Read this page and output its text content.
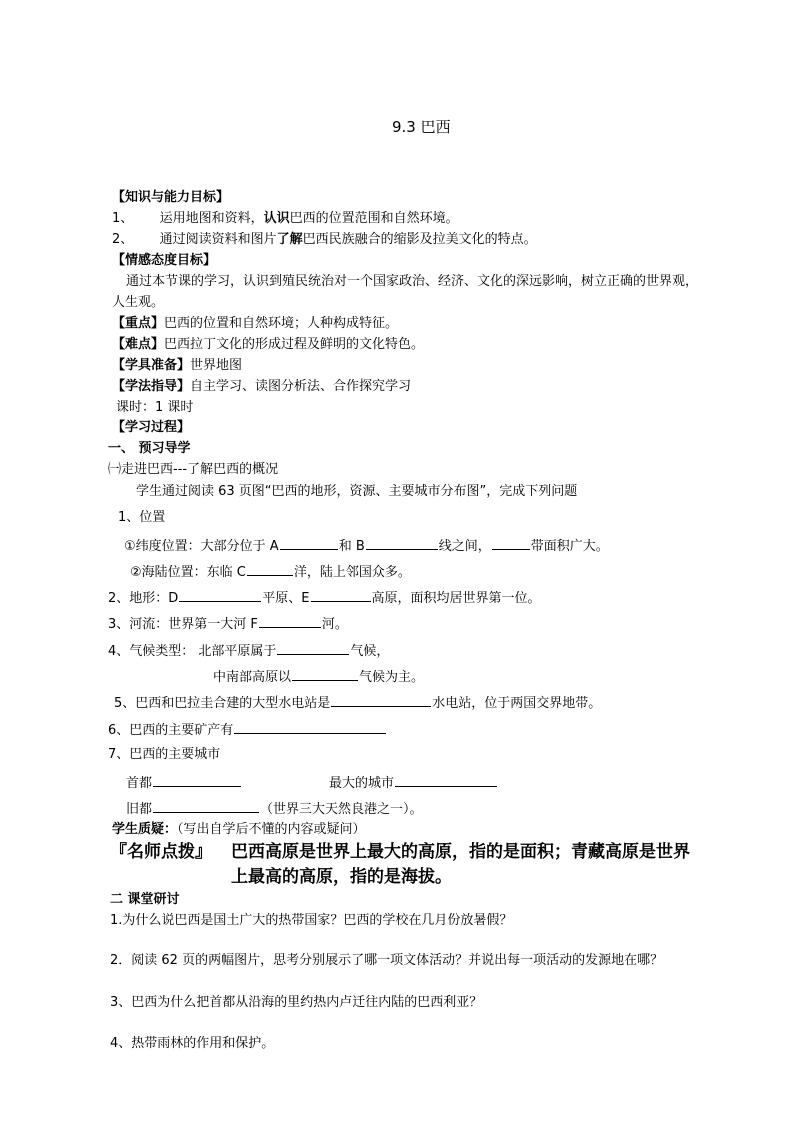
9.3 巴西
【知识与能力目标】
1、 运用地图和资料，认识巴西的位置范围和自然环境。
2、 通过阅读资料和图片了解巴西民族融合的缩影及拉美文化的特点。
【情感态度目标】
通过本节课的学习，认识到殖民统治对一个国家政治、经济、文化的深远影响，树立正确的世界观，
人生观。
【重点】巴西的位置和自然环境；人种构成特征。
【难点】巴西拉丁文化的形成过程及鲜明的文化特色。
【学具准备】世界地图
【学法指导】自主学习、读图分析法、合作探究学习
课时：1 课时
【学习过程】
一、 预习导学
㈠走进巴西---了解巴西的概况
学生通过阅读 63 页图“巴西的地形，资源、主要城市分布图”，完成下列问题
1、位置
①纬度位置：大部分位于 A	和 B	线之间，	带面积广大。
②海陆位置：东临 C	洋，陆上邻国众多。
2、地形：D	平原、E	高原，面积均居世界第一位。
3、河流：世界第一大河 F	河。
4、气候类型： 北部平原属于	气候，
中南部高原以	气候为主。
5、巴西和巴拉圭合建的大型水电站是	水电站，位于两国交界地带。
6、巴西的主要矿产有
7、巴西的主要城市
首都	最大的城市
旧都	（世界三大天然良港之一）。
学生质疑：（写出自学后不懂的内容或疑问）
『名师点拨』 巴西高原是世界上最大的高原，指的是面积；青藏高原是世界
上最高的高原，指的是海拔。
二 课堂研讨
1.为什么说巴西是国土广大的热带国家？巴西的学校在几月份放暑假？
2．阅读 62 页的两幅图片，思考分别展示了哪一项文体活动？并说出每一项活动的发源地在哪？
3、巴西为什么把首都从沿海的里约热内卢迁往内陆的巴西利亚？
4、热带雨林的作用和保护。
